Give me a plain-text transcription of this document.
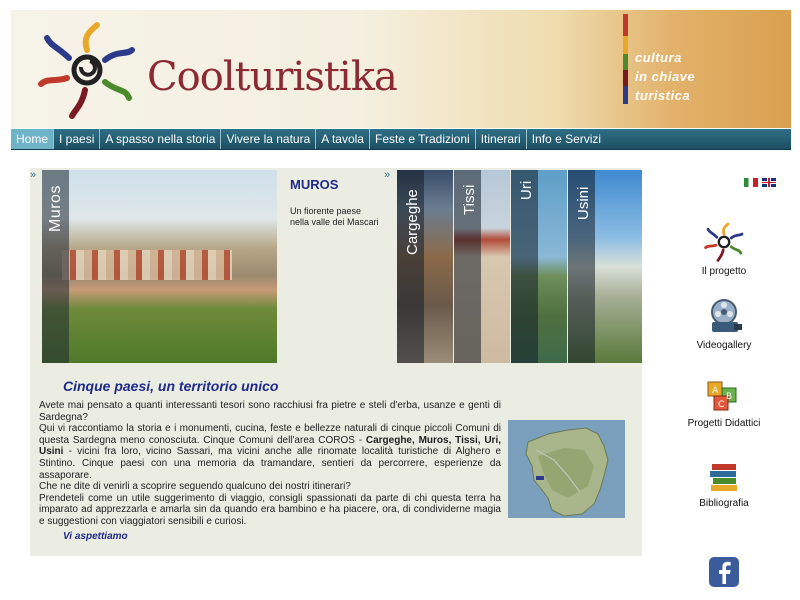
Coolturistika	cultura
in chiave
turistica
Home I paesi A spasso nella storia Vivere la natura A tavola Feste e Tradizioni Itinerari Info e Servizi
»	»
Muros
MUROS
Un fiorente paese nella valle dei Mascari Cargeghe	Tissi	Uri	Usini
Cinque paesi, un territorio unico
Avete mai pensato a quanti interessanti tesori sono racchiusi fra pietre e steli d'erba, usanze e genti di Sardegna?
Qui vi raccontiamo la storia e i monumenti, cucina, feste e bellezze naturali di cinque piccoli Comuni di questa Sardegna meno conosciuta. Cinque Comuni dell'area COROS - Cargeghe, Muros, Tissi, Uri, Usini - vicini fra loro, vicino Sassari, ma vicini anche alle rinomate località turistiche di Alghero e Stintino. Cinque paesi con una memoria da tramandare, sentieri da percorrere, esperienze da assaporare.
Che ne dite di venirli a scoprire seguendo qualcuno dei nostri itinerari?
Prendeteli come un utile suggerimento di viaggio, consigli spassionati da parte di chi questa terra ha imparato ad apprezzarla e amarla sin da quando era bambino e ha piacere, ora, di condividerne magia e suggestioni con viaggiatori sensibili e curiosi.
Vi aspettiamo
Il progetto
Videogallery
A
B
C
Progetti Didattici
Bibliografia
